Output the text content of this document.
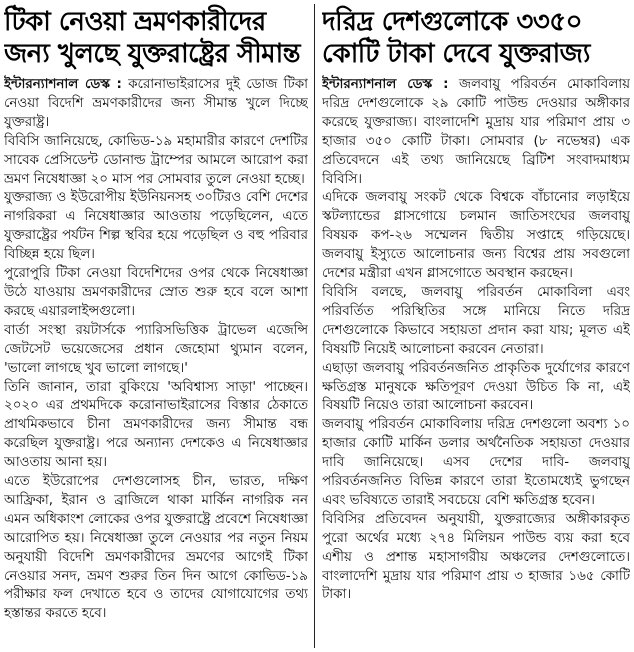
টিকা নেওয়া ভ্রমণকারীদের জন্য খুলছে যুক্তরাষ্ট্রের সীমান্ত

ইন্টারন্যাশনাল ডেস্ক : করোনাভাইরাসের দুই ডোজ টিকা নেওয়া বিদেশি ভ্রমণকারীদের জন্য সীমান্ত খুলে দিচ্ছে যুক্তরাষ্ট্র।

বিবিসি জানিয়েছে, কোভিড-১৯ মহামারীর কারণে দেশটির সাবেক প্রেসিডেন্ট ডোনাল্ড ট্রাম্পের আমলে আরোপ করা ভ্রমণ নিষেধাজ্ঞা ২০ মাস পর সোমবার তুলে নেওয়া হচ্ছে।

যুক্তরাজ্য ও ইউরোপীয় ইউনিয়নসহ ৩০টিরও বেশি দেশের নাগরিকরা এ নিষেধাজ্ঞার আওতায় পড়েছিলেন, এতে যুক্তরাষ্ট্রের পর্যটন শিল্প স্থবির হয়ে পড়েছিল ও বহু পরিবার বিচ্ছিন্ন হয়ে ছিল।

পুরোপুরি টিকা নেওয়া বিদেশিদের ওপর থেকে নিষেধাজ্ঞা উঠে যাওয়ায় ভ্রমণকারীদের স্রোত শুরু হবে বলে আশা করছে এয়ারলাইন্সগুলো।

বার্তা সংস্থা রয়টার্সকে প্যারিসভিত্তিক ট্রাভেল এজেন্সি জেটসেট ভয়েজেসের প্রধান জেহোমা থ্যুমান বলেন, 'ভালো লাগছে খুব ভালো লাগছে।'

তিনি জানান, তারা বুকিংয়ে 'অবিশ্বাস্য সাড়া' পাচ্ছেন। ২০২০ এর প্রথমদিকে করোনাভাইরাসের বিস্তার ঠেকাতে প্রাথমিকভাবে চীনা ভ্রমণকারীদের জন্য সীমান্ত বন্ধ করেছিল যুক্তরাষ্ট্র। পরে অন্যান্য দেশকেও এ নিষেধাজ্ঞার আওতায় আনা হয়।

এতে ইউরোপের দেশগুলোসহ চীন, ভারত, দক্ষিণ আফ্রিকা, ইরান ও ব্রাজিলে থাকা মার্কিন নাগরিক নন এমন অধিকাংশ লোকের ওপর যুক্তরাষ্ট্রে প্রবেশে নিষেধাজ্ঞা আরোপিত হয়। নিষেধাজ্ঞা তুলে নেওয়ার পর নতুন নিয়ম অনুযায়ী বিদেশি ভ্রমণকারীদের ভ্রমণের আগেই টিকা নেওয়ার সনদ, ভ্রমণ শুরুর তিন দিন আগে কোভিড-১৯ পরীক্ষার ফল দেখাতে হবে ও তাদের যোগাযোগের তথ্য হস্তান্তর করতে হবে।

দরিদ্র দেশগুলোকে ৩৩৫০ কোটি টাকা দেবে যুক্তরাজ্য

ইন্টারন্যাশনাল ডেস্ক : জলবায়ু পরিবর্তন মোকাবিলায় দরিদ্র দেশগুলোকে ২৯ কোটি পাউন্ড দেওয়ার অঙ্গীকার করেছে যুক্তরাজ্য। বাংলাদেশি মুদ্রায় যার পরিমাণ প্রায় ৩ হাজার ৩৫০ কোটি টাকা। সোমবার (৮ নভেম্বর) এক প্রতিবেদনে এই তথ্য জানিয়েছে ব্রিটিশ সংবাদমাধ্যম বিবিসি।

এদিকে জলবায়ু সংকট থেকে বিশ্বকে বাঁচানোর লড়াইয়ে স্কটল্যান্ডের গ্লাসগোয়ে চলমান জাতিসংঘের জলবায়ু বিষয়ক কপ-২৬ সম্মেলন দ্বিতীয় সপ্তাহে গড়িয়েছে। জলবায়ু ইস্যুতে আলোচনার জন্য বিশ্বের প্রায় সবগুলো দেশের মন্ত্রীরা এখন গ্লাসগোতে অবস্থান করছেন।

বিবিসি বলছে, জলবায়ু পরিবর্তন মোকাবিলা এবং পরিবর্তিত পরিস্থিতির সঙ্গে মানিয়ে নিতে দরিদ্র দেশগুলোকে কিভাবে সহায়তা প্রদান করা যায়; মূলত এই বিষয়টি নিয়েই আলোচনা করবেন নেতারা।

এছাড়া জলবায়ু পরিবর্তনজনিত প্রাকৃতিক দুর্যোগের কারণে ক্ষতিগ্রস্ত মানুষকে ক্ষতিপূরণ দেওয়া উচিত কি না, এই বিষয়টি নিয়েও তারা আলোচনা করবেন।

জলবায়ু পরিবর্তন মোকাবিলায় দরিদ্র দেশগুলো অবশ্য ১০ হাজার কোটি মার্কিন ডলার অর্থনৈতিক সহায়তা দেওয়ার দাবি জানিয়েছে। এসব দেশের দাবি- জলবায়ু পরিবর্তনজনিত বিভিন্ন কারণে তারা ইতোমধ্যেই ভুগছেন এবং ভবিষ্যতে তারাই সবচেয়ে বেশি ক্ষতিগ্রস্ত হবেন।

বিবিসির প্রতিবেদন অনুযায়ী, যুক্তরাজ্যের অঙ্গীকারকৃত পুরো অর্থের মধ্যে ২৭৪ মিলিয়ন পাউন্ড ব্যয় করা হবে এশীয় ও প্রশান্ত মহাসাগরীয় অঞ্চলের দেশগুলোতে। বাংলাদেশি মুদ্রায় যার পরিমাণ প্রায় ৩ হাজার ১৬৫ কোটি টাকা।
